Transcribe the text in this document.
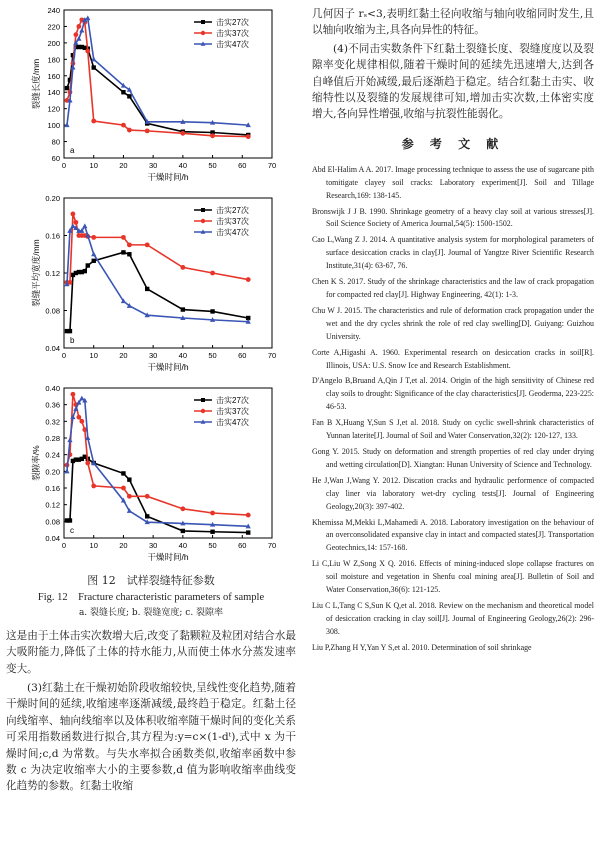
60
80
100
120
140
160
180
200
220
240
0	10	20	30	40	50	60	70
干燥时间/h
裂缝长度/mm
a
击实27次
击实37次
击实47次
0.04
0.08
0.12
0.16
0.20
0	10	20	30	40	50	60	70
干燥时间/h
裂缝平均宽度/mm
b
击实27次
击实37次
击实47次
0.04
0.08
0.12
0.16
0.20
0.24
0.28
0.32
0.36
0.40
0	10	20	30	40	50	60	70
干燥时间/h
裂隙率/%
c
击实27次
击实37次
击实47次
图 12　试样裂缝特征参数
Fig. 12　Fracture characteristic parameters of sample
a. 裂缝长度; b. 裂缝宽度; c. 裂隙率
这是由于土体击实次数增大后,改变了黏颗粒及粒团对结合水最大吸附能力,降低了土体的持水能力,从而使土体水分蒸发速率变大。
(3)红黏土在干燥初始阶段收缩较快,呈线性变化趋势,随着干燥时间的延续,收缩速率逐渐减缓,最终趋于稳定。红黏土径向线缩率、轴向线缩率以及体积收缩率随干燥时间的变化关系可采用指数函数进行拟合,其方程为:y=c×(1-dᵗ),式中 x 为干燥时间;c,d 为常数。与失水率拟合函数类似,收缩率函数中参数 c 为决定收缩率大小的主要参数,d 值为影响收缩率曲线变化趋势的参数。红黏土收缩
几何因子 rₛ<3,表明红黏土径向收缩与轴向收缩同时发生,且以轴向收缩为主,具各向异性的特征。
(4)不同击实数条件下红黏土裂缝长度、裂缝度度以及裂隙率变化规律相似,随着干燥时间的延续先迅速增大,达到各自峰值后开始减缓,最后逐渐趋于稳定。结合红黏土击实、收缩特性以及裂缝的发展规律可知,增加击实次数,土体密实度增大,各向异性增强,收缩与抗裂性能弱化。
参 考 文 献
Abd El-Halim A A. 2017. Image processing technique to assess the use of sugarcane pith tomitigate clayey soil cracks: Laboratory experiment[J]. Soil and Tillage Research,169: 138-145.
Bronswijk J J B. 1990. Shrinkage geometry of a heavy clay soil at various stresses[J]. Soil Science Society of America Journal,54(5): 1500-1502.
Cao L,Wang Z J. 2014. A quantitative analysis system for morphological parameters of surface desiccation cracks in clay[J]. Journal of Yangtze River Scientific Research Institute,31(4): 63-67, 76.
Chen K S. 2017. Study of the shrinkage characteristics and the law of crack propagation for compacted red clay[J]. Highway Engineering, 42(1): 1-3.
Chu W J. 2015. The characteristics and rule of deformation crack propagation under the wet and the dry cycles shrink the role of red clay swelling[D]. Guiyang: Guizhou University.
Corte A,Higashi A. 1960. Experimental research on desiccation cracks in soil[R]. Illinois, USA: U.S. Snow Ice and Research Establishment.
D'Angelo B,Bruand A,Qin J T,et al. 2014. Origin of the high sensitivity of Chinese red clay soils to drought: Significance of the clay characteristics[J]. Geoderma, 223-225: 46-53.
Fan B X,Huang Y,Sun S J,et al. 2018. Study on cyclic swell-shrink characteristics of Yunnan laterite[J]. Journal of Soil and Water Conservation,32(2): 120-127, 133.
Gong Y. 2015. Study on deformation and strength properties of red clay under drying and wetting circulation[D]. Xiangtan: Hunan University of Science and Technology.
He J,Wan J,Wang Y. 2012. Discation cracks and hydraulic performence of compacted clay liner via laboratory wet-dry cycling tests[J]. Journal of Engineering Geology,20(3): 397-402.
Khemissa M,Mekki L,Mahamedi A. 2018. Laboratory investigation on the behaviour of an overconsolidated expansive clay in intact and compacted states[J]. Transportation Geotechnics,14: 157-168.
Li C,Liu W Z,Song X Q. 2016. Effects of mining-induced slope collapse fractures on soil moisture and vegetation in Shenfu coal mining area[J]. Bulletin of Soil and Water Conservation,36(6): 121-125.
Liu C L,Tang C S,Sun K Q,et al. 2018. Review on the mechanism and theoretical model of desiccation cracking in clay soil[J]. Journal of Engineering Geology,26(2): 296-308.
Liu P,Zhang H Y,Yan Y S,et al. 2010. Determination of soil shrinkage
